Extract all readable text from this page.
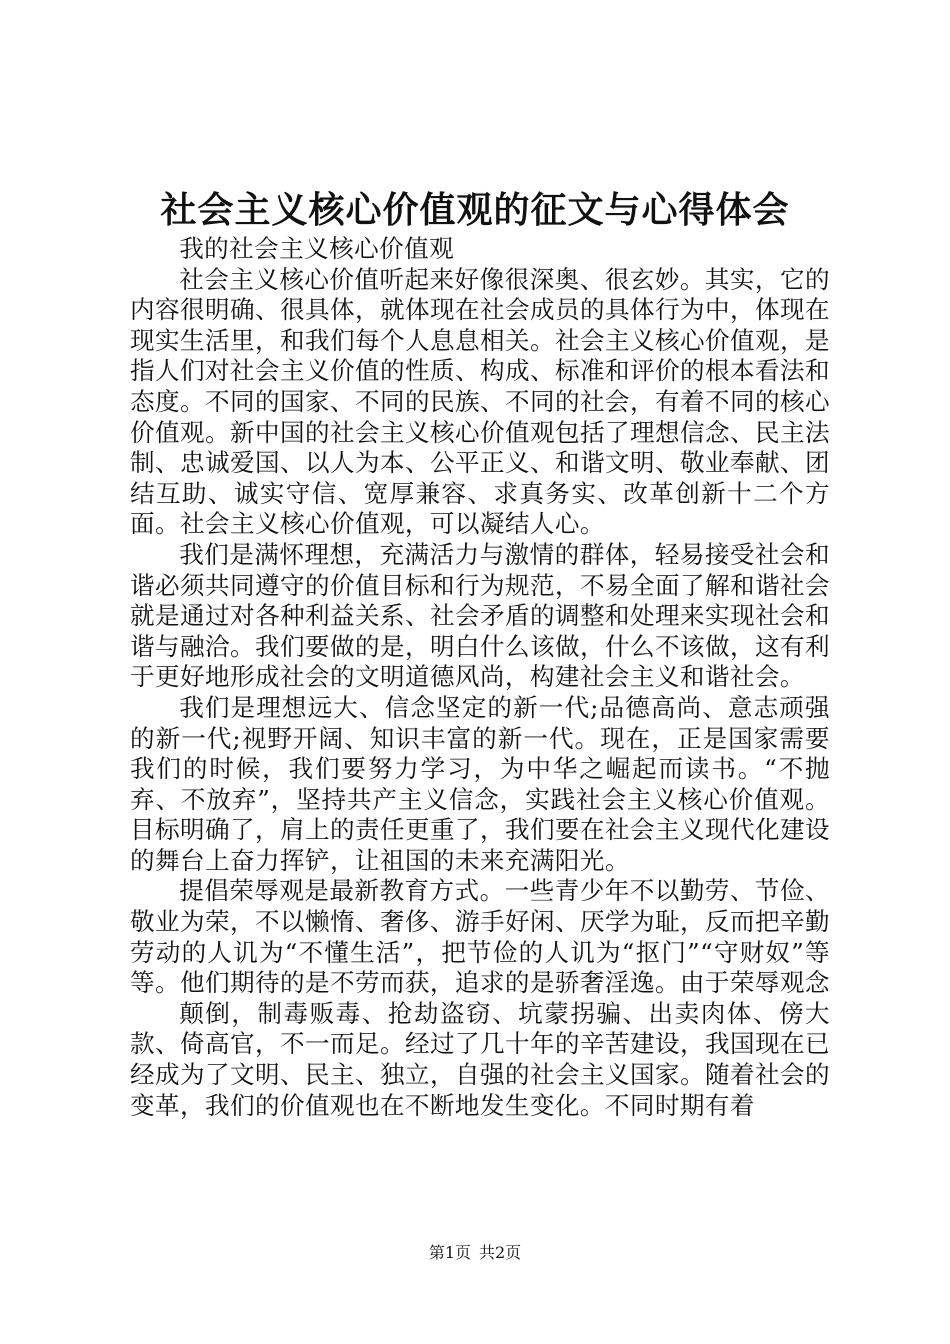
社会主义核心价值观的征文与心得体会

我的社会主义核心价值观

社会主义核心价值听起来好像很深奥、很玄妙。其实，它的内容很明确、很具体，就体现在社会成员的具体行为中，体现在现实生活里，和我们每个人息息相关。社会主义核心价值观，是指人们对社会主义价值的性质、构成、标准和评价的根本看法和态度。不同的国家、不同的民族、不同的社会，有着不同的核心价值观。新中国的社会主义核心价值观包括了理想信念、民主法制、忠诚爱国、以人为本、公平正义、和谐文明、敬业奉献、团结互助、诚实守信、宽厚兼容、求真务实、改革创新十二个方面。社会主义核心价值观，可以凝结人心。

我们是满怀理想，充满活力与激情的群体，轻易接受社会和谐必须共同遵守的价值目标和行为规范，不易全面了解和谐社会就是通过对各种利益关系、社会矛盾的调整和处理来实现社会和谐与融洽。我们要做的是，明白什么该做，什么不该做，这有利于更好地形成社会的文明道德风尚，构建社会主义和谐社会。

我们是理想远大、信念坚定的新一代;品德高尚、意志顽强的新一代;视野开阔、知识丰富的新一代。现在，正是国家需要我们的时候，我们要努力学习，为中华之崛起而读书。“不抛弃、不放弃”，坚持共产主义信念，实践社会主义核心价值观。目标明确了，肩上的责任更重了，我们要在社会主义现代化建设的舞台上奋力挥铲，让祖国的未来充满阳光。

提倡荣辱观是最新教育方式。一些青少年不以勤劳、节俭、敬业为荣，不以懒惰、奢侈、游手好闲、厌学为耻，反而把辛勤劳动的人讥为“不懂生活”，把节俭的人讥为“抠门”“守财奴”等等。他们期待的是不劳而获，追求的是骄奢淫逸。由于荣辱观念

颠倒，制毒贩毒、抢劫盗窃、坑蒙拐骗、出卖肉体、傍大款、倚高官，不一而足。经过了几十年的辛苦建设，我国现在已经成为了文明、民主、独立，自强的社会主义国家。随着社会的变革，我们的价值观也在不断地发生变化。不同时期有着

第1页 共2页
